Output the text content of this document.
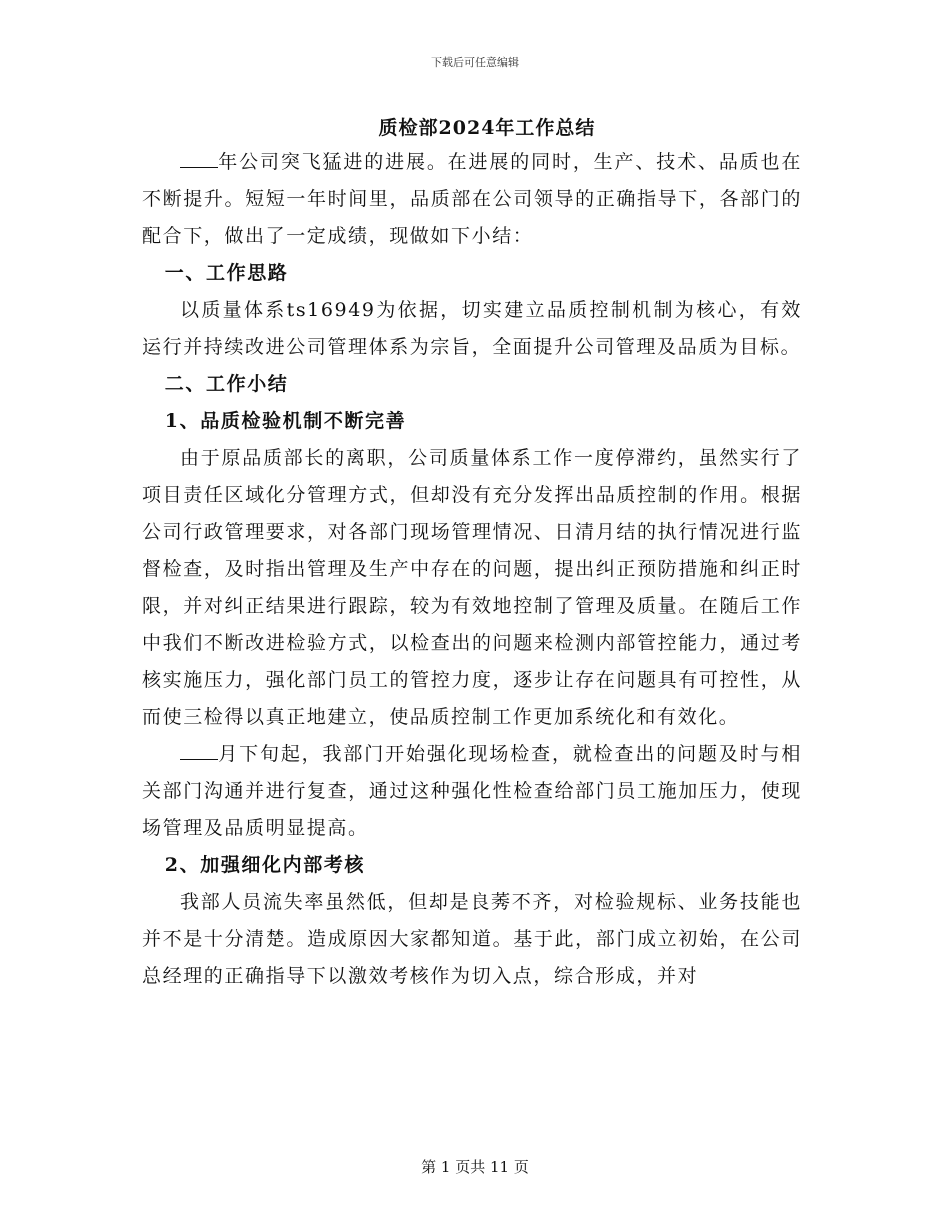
下载后可任意编辑
质检部2024年工作总结

年公司突飞猛进的进展。在进展的同时，生产、技术、品质也在不断提升。短短一年时间里，品质部在公司领导的正确指导下，各部门的配合下，做出了一定成绩，现做如下小结：

一、工作思路

以质量体系ts16949为依据，切实建立品质控制机制为核心，有效运行并持续改进公司管理体系为宗旨，全面提升公司管理及品质为目标。

二、工作小结

1、品质检验机制不断完善

由于原品质部长的离职，公司质量体系工作一度停滞约，虽然实行了项目责任区域化分管理方式，但却没有充分发挥出品质控制的作用。根据公司行政管理要求，对各部门现场管理情况、日清月结的执行情况进行监督检查，及时指出管理及生产中存在的问题，提出纠正预防措施和纠正时限，并对纠正结果进行跟踪，较为有效地控制了管理及质量。在随后工作中我们不断改进检验方式，以检查出的问题来检测内部管控能力，通过考核实施压力，强化部门员工的管控力度，逐步让存在问题具有可控性，从而使三检得以真正地建立，使品质控制工作更加系统化和有效化。

月下旬起，我部门开始强化现场检查，就检查出的问题及时与相关部门沟通并进行复查，通过这种强化性检查给部门员工施加压力，使现场管理及品质明显提高。

2、加强细化内部考核

我部人员流失率虽然低，但却是良莠不齐，对检验规标、业务技能也并不是十分清楚。造成原因大家都知道。基于此，部门成立初始，在公司总经理的正确指导下以激效考核作为切入点，综合形成，并对

第 1 页共 11 页
